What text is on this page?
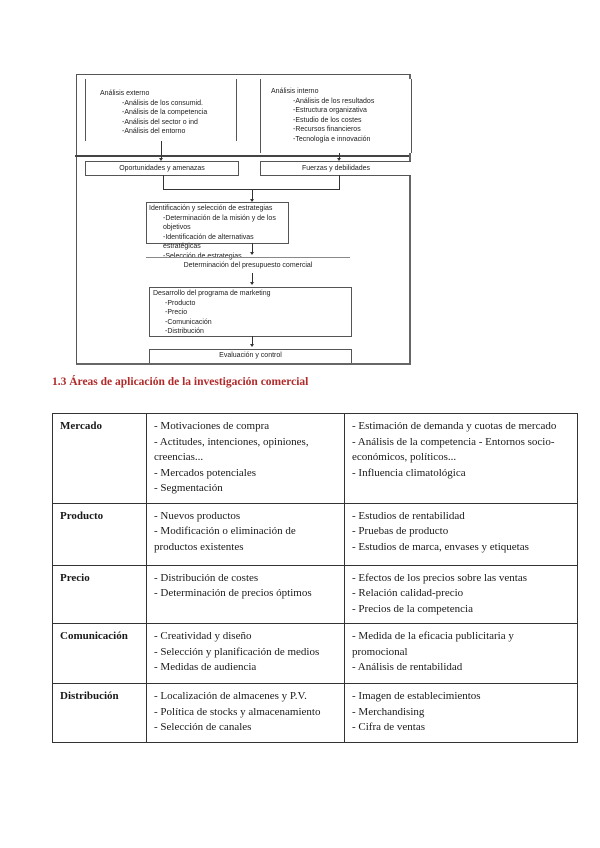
Análisis externo
-Análisis de los consumid.
-Análisis de la competencia
-Análisis del sector o ind
-Análisis del entorno
Análisis interno
-Análisis de los resultados
-Estructura organizativa
-Estudio de los costes
-Recursos financieros
-Tecnología e innovación
Oportunidades y amenazas	Fuerzas y debilidades
Identificación y selección de estrategias
-Determinación de la misión y de los objetivos
-Identificación de alternativas estratégicas
Determinación del presupuesto comercial
Desarrollo del programa de marketing
-Producto
-Precio
-Comunicación
-Distribución
Evaluación y control
1.3 Áreas de aplicación de la investigación comercial
Mercado	- Motivaciones de compra
- Actitudes, intenciones, opiniones, creencias...
- Mercados potenciales
- Segmentación

- Estimación de demanda y cuotas de mercado
- Análisis de la competencia - Entornos socio-económicos, políticos...
- Influencia climatológica

Producto	- Nuevos productos
- Modificación o eliminación de productos existentes

- Estudios de rentabilidad
- Pruebas de producto
- Estudios de marca, envases y etiquetas

Precio	- Distribución de costes
- Determinación de precios óptimos

- Efectos de los precios sobre las ventas
- Relación calidad-precio
- Precios de la competencia

Comunicación	- Creatividad y diseño
- Selección y planificación de medios
- Medidas de audiencia

- Medida de la eficacia publicitaria y promocional
- Análisis de rentabilidad

Distribución	- Localización de almacenes y P.V.
- Política de stocks y almacenamiento
- Selección de canales

- Imagen de establecimientos
- Merchandising
- Cifra de ventas
